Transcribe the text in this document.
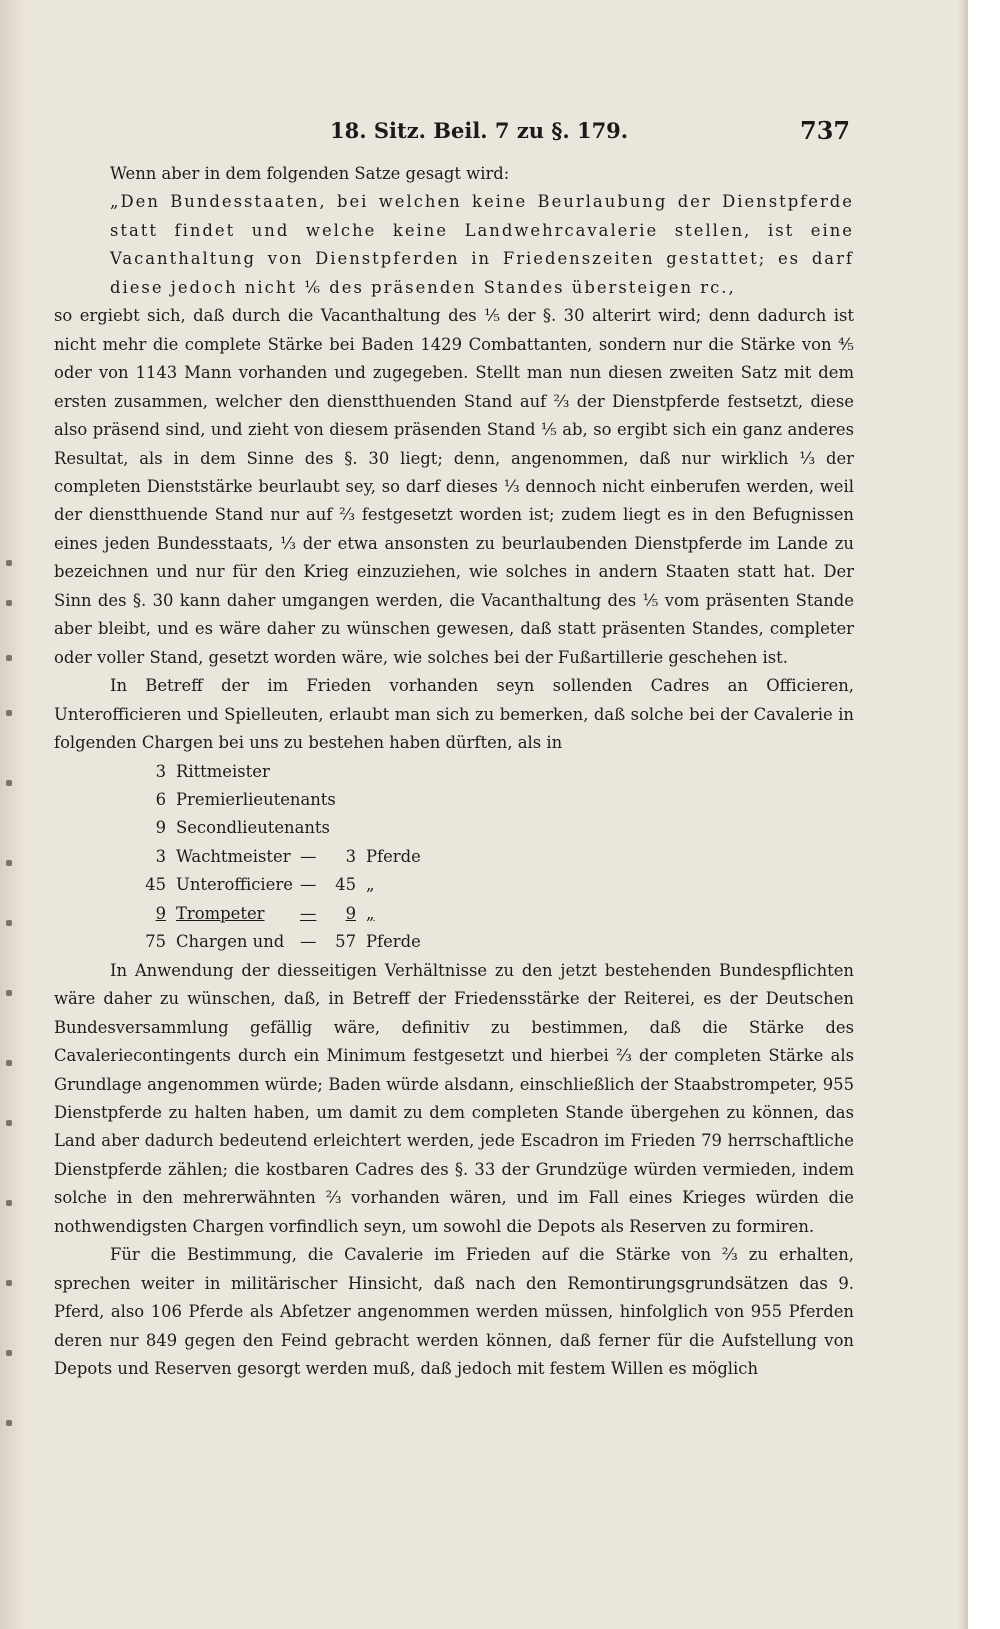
18. Sitz. Beil. 7 zu §. 179.	737

Wenn aber in dem folgenden Satze gesagt wird:

„Den Bundesstaaten, bei welchen keine Beurlaubung der Dienstpferde statt findet und welche keine Landwehrcavalerie stellen, ist eine Vacanthaltung von Dienstpferden in Friedenszeiten gestattet; es darf diese jedoch nicht ⅙ des präsenden Standes übersteigen rc.,

so ergiebt sich, daß durch die Vacanthaltung des ⅕ der §. 30 alterirt wird; denn dadurch ist nicht mehr die complete Stärke bei Baden 1429 Combattanten, sondern nur die Stärke von ⁴⁄₅ oder von 1143 Mann vorhanden und zugegeben. Stellt man nun diesen zweiten Satz mit dem ersten zusammen, welcher den dienstthuenden Stand auf ⅔ der Dienstpferde festsetzt, diese also präsend sind, und zieht von diesem präsenden Stand ⅕ ab, so ergibt sich ein ganz anderes Resultat, als in dem Sinne des §. 30 liegt; denn, angenommen, daß nur wirklich ⅓ der completen Dienststärke beurlaubt sey, so darf dieses ⅓ dennoch nicht einberufen werden, weil der dienstthuende Stand nur auf ⅔ festgesetzt worden ist; zudem liegt es in den Befugnissen eines jeden Bundesstaats, ⅓ der etwa ansonsten zu beurlaubenden Dienstpferde im Lande zu bezeichnen und nur für den Krieg einzuziehen, wie solches in andern Staaten statt hat. Der Sinn des §. 30 kann daher umgangen werden, die Vacanthaltung des ⅕ vom präsenten Stande aber bleibt, und es wäre daher zu wünschen gewesen, daß statt präsenten Standes, completer oder voller Stand, gesetzt worden wäre, wie solches bei der Fußartillerie geschehen ist.

In Betreff der im Frieden vorhanden seyn sollenden Cadres an Officieren, Unterofficieren und Spielleuten, erlaubt man sich zu bemerken, daß solche bei der Cavalerie in folgenden Chargen bei uns zu bestehen haben dürften, als in

3 Rittmeister
6 Premierlieutenants
9 Secondlieutenants
3 Wachtmeister —	3 Pferde
45 Unterofficiere —	45 „
9 Trompeter	—	9 „
75 Chargen und —	57 Pferde

In Anwendung der diesseitigen Verhältnisse zu den jetzt bestehenden Bundespflichten wäre daher zu wünschen, daß, in Betreff der Friedensstärke der Reiterei, es der Deutschen Bundesversammlung gefällig wäre, definitiv zu bestimmen, daß die Stärke des Cavaleriecontingents durch ein Minimum festgesetzt und hierbei ⅔ der completen Stärke als Grundlage angenommen würde; Baden würde alsdann, einschließlich der Staabstrompeter, 955 Dienstpferde zu halten haben, um damit zu dem completen Stande übergehen zu können, das Land aber dadurch bedeutend erleichtert werden, jede Escadron im Frieden 79 herrschaftliche Dienstpferde zählen; die kostbaren Cadres des §. 33 der Grundzüge würden vermieden, indem solche in den mehrerwähnten ⅔ vorhanden wären, und im Fall eines Krieges würden die nothwendigsten Chargen vorfindlich seyn, um sowohl die Depots als Reserven zu formiren.

Für die Bestimmung, die Cavalerie im Frieden auf die Stärke von ⅔ zu erhalten, sprechen weiter in militärischer Hinsicht, daß nach den Remontirungsgrundsätzen das 9. Pferd, also 106 Pferde als Abſetzer angenommen werden müssen, hinfolglich von 955 Pferden deren nur 849 gegen den Feind gebracht werden können, daß ferner für die Aufstellung von Depots und Reserven gesorgt werden muß, daß jedoch mit festem Willen es möglich
